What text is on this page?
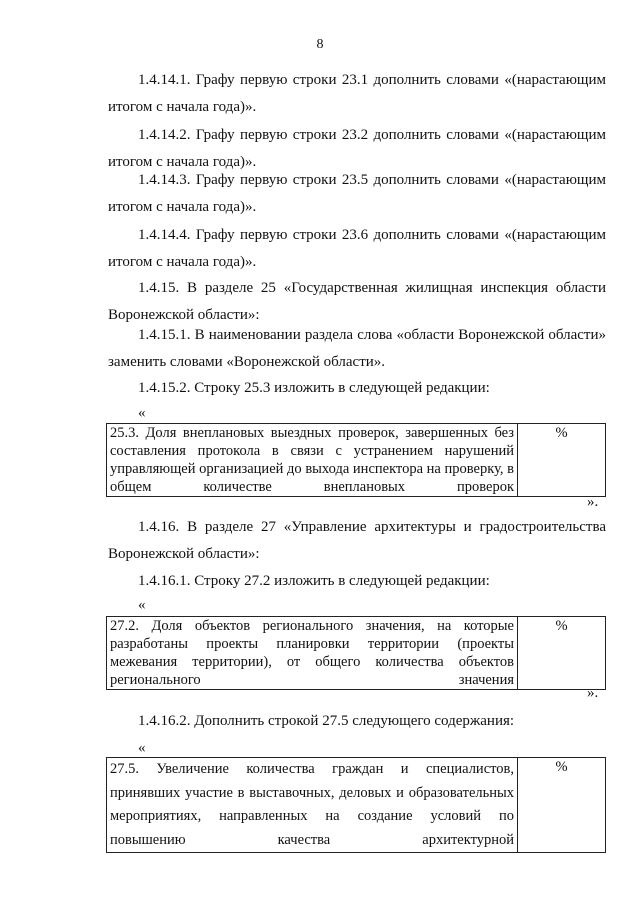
8

1.4.14.1. Графу первую строки 23.1 дополнить словами «(нарастающим итогом с начала года)».

1.4.14.2. Графу первую строки 23.2 дополнить словами «(нарастающим итогом с начала года)».

1.4.14.3. Графу первую строки 23.5 дополнить словами «(нарастающим итогом с начала года)».

1.4.14.4. Графу первую строки 23.6 дополнить словами «(нарастающим итогом с начала года)».

1.4.15. В разделе 25 «Государственная жилищная инспекция области Воронежской области»:

1.4.15.1. В наименовании раздела слова «области Воронежской области» заменить словами «Воронежской области».

1.4.15.2. Строку 25.3 изложить в следующей редакции:

«
25.3. Доля внеплановых выездных проверок, завершенных без составления протокола в связи с устранением нарушений управляющей организацией до выхода инспектора на проверку, в общем количестве внеплановых проверок	%
».

1.4.16. В разделе 27 «Управление архитектуры и градостроительства Воронежской области»:

1.4.16.1. Строку 27.2 изложить в следующей редакции:

«
27.2. Доля объектов регионального значения, на которые разработаны проекты планировки территории (проекты межевания территории), от общего количества объектов регионального значения	%
».

1.4.16.2. Дополнить строкой 27.5 следующего содержания:

«
27.5. Увеличение количества граждан и специалистов, принявших участие в выставочных, деловых и образовательных мероприятиях, направленных на создание условий по повышению качества архитектурной	%
